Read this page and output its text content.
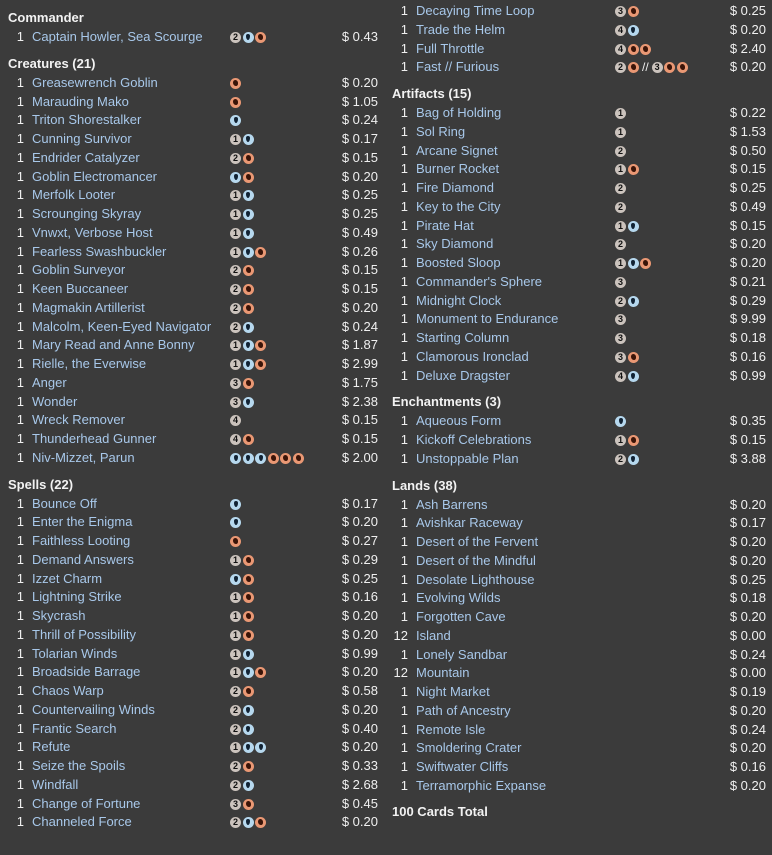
Commander
1 Captain Howler, Sea Scourge	2	$ 0.43
Creatures (21)
1 Greasewrench Goblin	$ 0.20
1 Marauding Mako	$ 1.05
1 Triton Shorestalker	$ 0.24
1 Cunning Survivor	1	$ 0.17
1 Endrider Catalyzer	2	$ 0.15
1 Goblin Electromancer	$ 0.20
1 Merfolk Looter	1	$ 0.25
1 Scrounging Skyray	1	$ 0.25
1 Vnwxt, Verbose Host	1	$ 0.49
1 Fearless Swashbuckler	1	$ 0.26
1 Goblin Surveyor	2	$ 0.15
1 Keen Buccaneer	2	$ 0.15
1 Magmakin Artillerist	2	$ 0.20
1 Malcolm, Keen-Eyed Navigator	2	$ 0.24
1 Mary Read and Anne Bonny	1	$ 1.87
1 Rielle, the Everwise	1	$ 2.99
1 Anger	3	$ 1.75
1 Wonder	3	$ 2.38
1 Wreck Remover	4	$ 0.15
1 Thunderhead Gunner	4	$ 0.15
1 Niv-Mizzet, Parun	$ 2.00
Spells (22)
1 Bounce Off	$ 0.17
1 Enter the Enigma	$ 0.20
1 Faithless Looting	$ 0.27
1 Demand Answers	1	$ 0.29
1 Izzet Charm	$ 0.25
1 Lightning Strike	1	$ 0.16
1 Skycrash	1	$ 0.20
1 Thrill of Possibility	1	$ 0.20
1 Tolarian Winds	1	$ 0.99
1 Broadside Barrage	1	$ 0.20
1 Chaos Warp	2	$ 0.58
1 Countervailing Winds	2	$ 0.20
1 Frantic Search	2	$ 0.40
1 Refute	1	$ 0.20
1 Seize the Spoils	2	$ 0.33
1 Windfall	2	$ 2.68
1 Change of Fortune	3	$ 0.45
1 Channeled Force	2	$ 0.20
1 Decaying Time Loop	3	$ 0.25
1 Trade the Helm	4	$ 0.20
1 Full Throttle	4	$ 2.40
1 Fast // Furious	2 // 3	$ 0.20
Artifacts (15)
1 Bag of Holding	1	$ 0.22
1 Sol Ring	1	$ 1.53
1 Arcane Signet	2	$ 0.50
1 Burner Rocket	1	$ 0.15
1 Fire Diamond	2	$ 0.25
1 Key to the City	2	$ 0.49
1 Pirate Hat	1	$ 0.15
1 Sky Diamond	2	$ 0.20
1 Boosted Sloop	1	$ 0.20
1 Commander's Sphere	3	$ 0.21
1 Midnight Clock	2	$ 0.29
1 Monument to Endurance	3	$ 9.99
1 Starting Column	3	$ 0.18
1 Clamorous Ironclad	3	$ 0.16
1 Deluxe Dragster	4	$ 0.99
Enchantments (3)
1 Aqueous Form	$ 0.35
1 Kickoff Celebrations	1	$ 0.15
1 Unstoppable Plan	2	$ 3.88
Lands (38)
1 Ash Barrens	$ 0.20
1 Avishkar Raceway	$ 0.17
1 Desert of the Fervent	$ 0.20
1 Desert of the Mindful	$ 0.20
1 Desolate Lighthouse	$ 0.25
1 Evolving Wilds	$ 0.18
1 Forgotten Cave	$ 0.20
12 Island	$ 0.00
1 Lonely Sandbar	$ 0.24
12 Mountain	$ 0.00
1 Night Market	$ 0.19
1 Path of Ancestry	$ 0.20
1 Remote Isle	$ 0.24
1 Smoldering Crater	$ 0.20
1 Swiftwater Cliffs	$ 0.16
1 Terramorphic Expanse	$ 0.20
100 Cards Total
